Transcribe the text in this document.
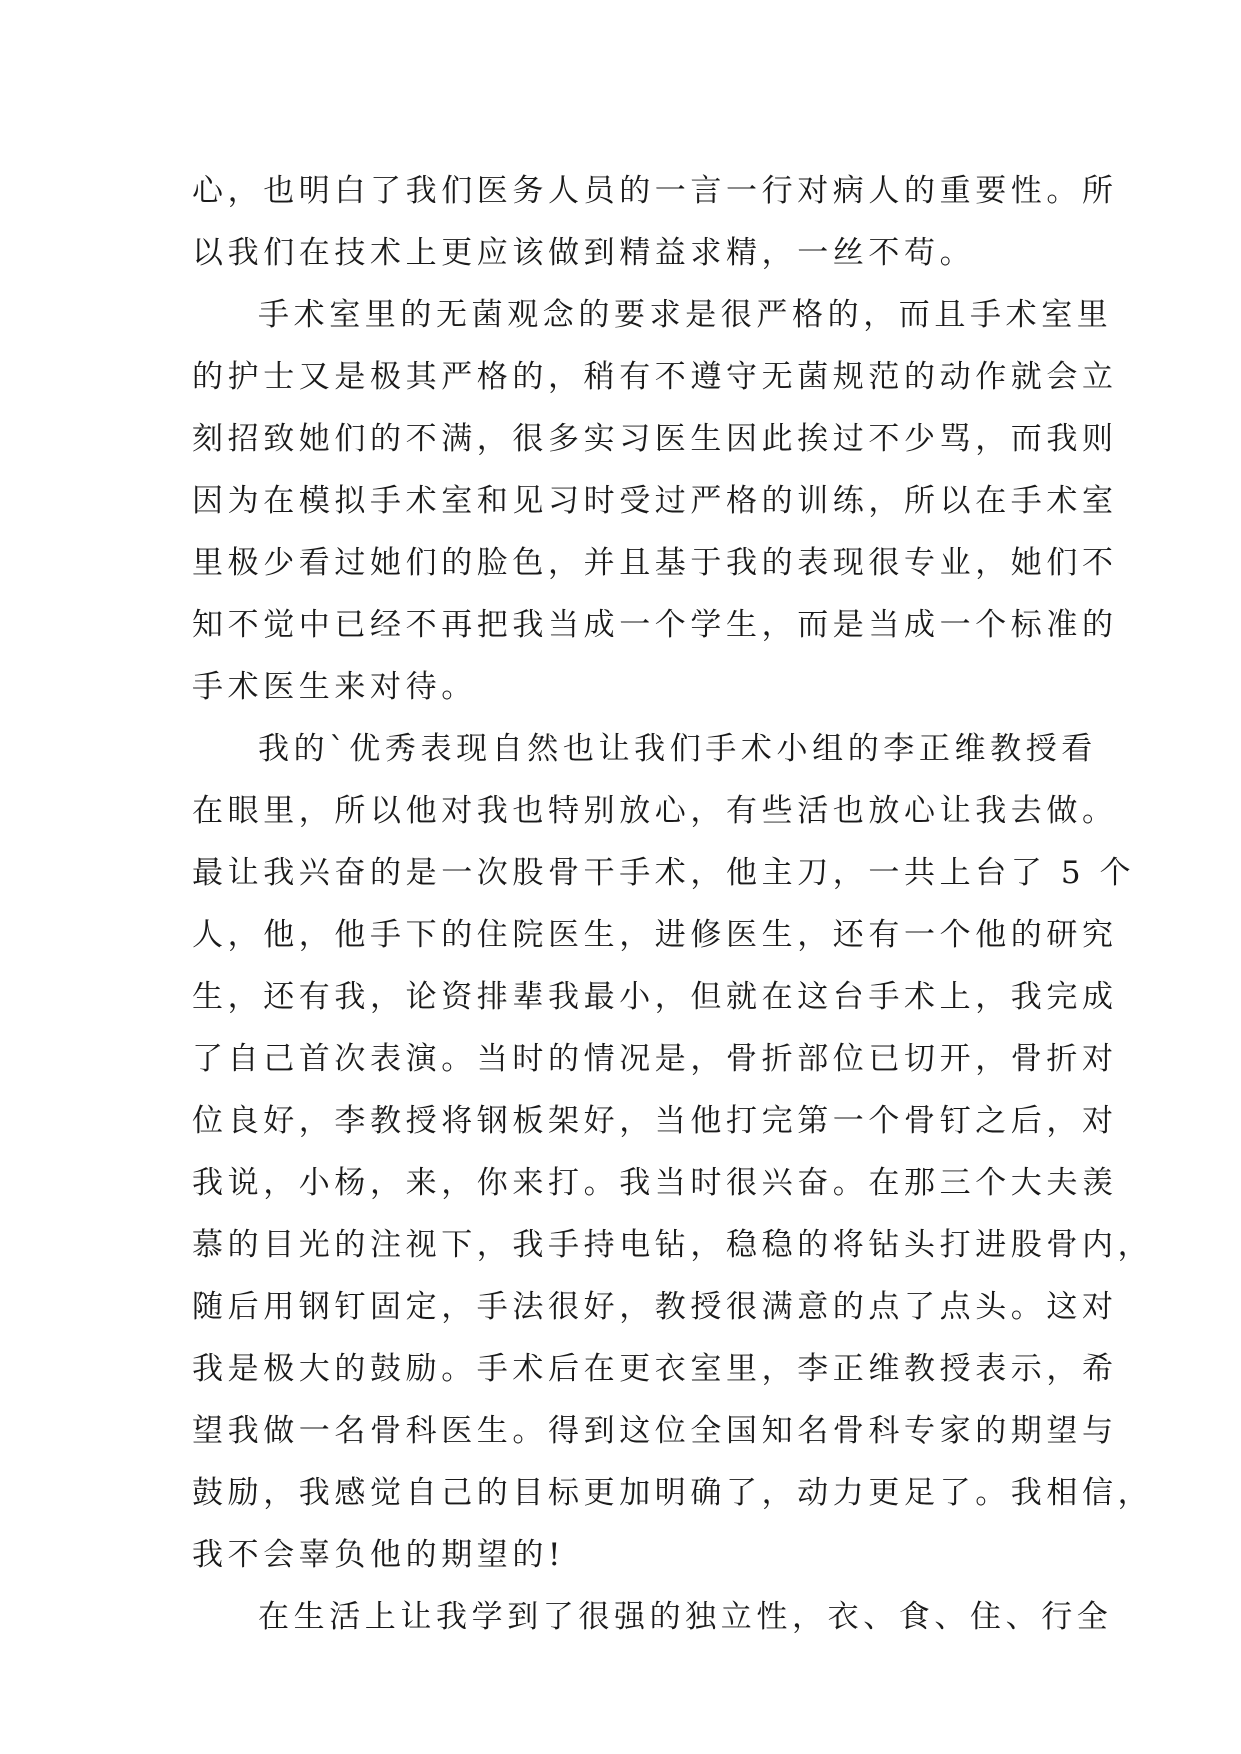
心，也明白了我们医务人员的一言一行对病人的重要性。所
以我们在技术上更应该做到精益求精，一丝不苟。
手术室里的无菌观念的要求是很严格的，而且手术室里
的护士又是极其严格的，稍有不遵守无菌规范的动作就会立
刻招致她们的不满，很多实习医生因此挨过不少骂，而我则
因为在模拟手术室和见习时受过严格的训练，所以在手术室
里极少看过她们的脸色，并且基于我的表现很专业，她们不
知不觉中已经不再把我当成一个学生，而是当成一个标准的
手术医生来对待。
我的`优秀表现自然也让我们手术小组的李正维教授看
在眼里，所以他对我也特别放心，有些活也放心让我去做。
最让我兴奋的是一次股骨干手术，他主刀，一共上台了 5 个
人，他，他手下的住院医生，进修医生，还有一个他的研究
生，还有我，论资排辈我最小，但就在这台手术上，我完成
了自己首次表演。当时的情况是，骨折部位已切开，骨折对
位良好，李教授将钢板架好，当他打完第一个骨钉之后，对
我说，小杨，来，你来打。我当时很兴奋。在那三个大夫羡
慕的目光的注视下，我手持电钻，稳稳的将钻头打进股骨内，
随后用钢钉固定，手法很好，教授很满意的点了点头。这对
我是极大的鼓励。手术后在更衣室里，李正维教授表示，希
望我做一名骨科医生。得到这位全国知名骨科专家的期望与
鼓励，我感觉自己的目标更加明确了，动力更足了。我相信，
我不会辜负他的期望的!
在生活上让我学到了很强的独立性，衣、食、住、行全
